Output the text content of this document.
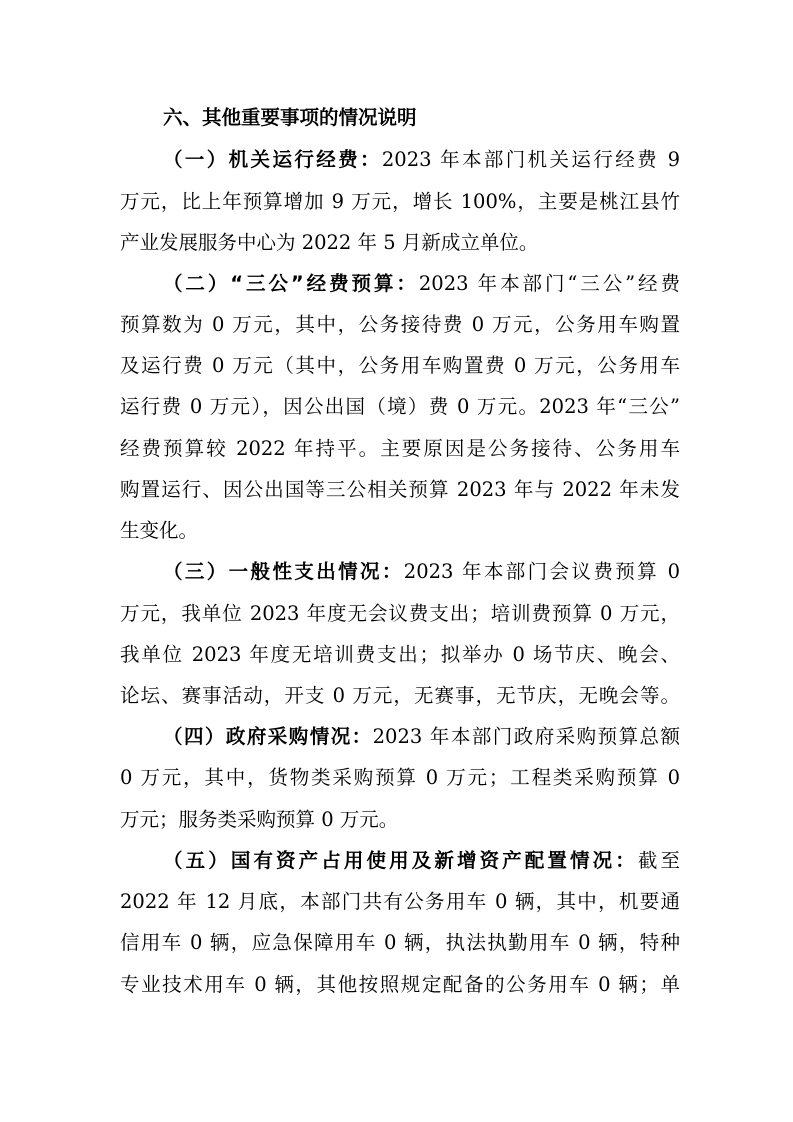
六、其他重要事项的情况说明
（一）机关运行经费：2023 年本部门机关运行经费 9
万元，比上年预算增加 9 万元，增长 100%，主要是桃江县竹
产业发展服务中心为 2022 年 5 月新成立单位。
（二）“三公”经费预算：2023 年本部门“三公”经费
预算数为 0 万元，其中，公务接待费 0 万元，公务用车购置
及运行费 0 万元（其中，公务用车购置费 0 万元，公务用车
运行费 0 万元），因公出国（境）费 0 万元。2023 年“三公”
经费预算较 2022 年持平。主要原因是公务接待、公务用车
购置运行、因公出国等三公相关预算 2023 年与 2022 年未发
生变化。
（三）一般性支出情况：2023 年本部门会议费预算 0
万元，我单位 2023 年度无会议费支出；培训费预算 0 万元，
我单位 2023 年度无培训费支出；拟举办 0 场节庆、晚会、
论坛、赛事活动，开支 0 万元，无赛事，无节庆，无晚会等。
（四）政府采购情况：2023 年本部门政府采购预算总额
0 万元，其中，货物类采购预算 0 万元；工程类采购预算 0
万元；服务类采购预算 0 万元。
（五）国有资产占用使用及新增资产配置情况：截至
2022 年 12 月底，本部门共有公务用车 0 辆，其中，机要通
信用车 0 辆，应急保障用车 0 辆，执法执勤用车 0 辆，特种
专业技术用车 0 辆，其他按照规定配备的公务用车 0 辆；单
